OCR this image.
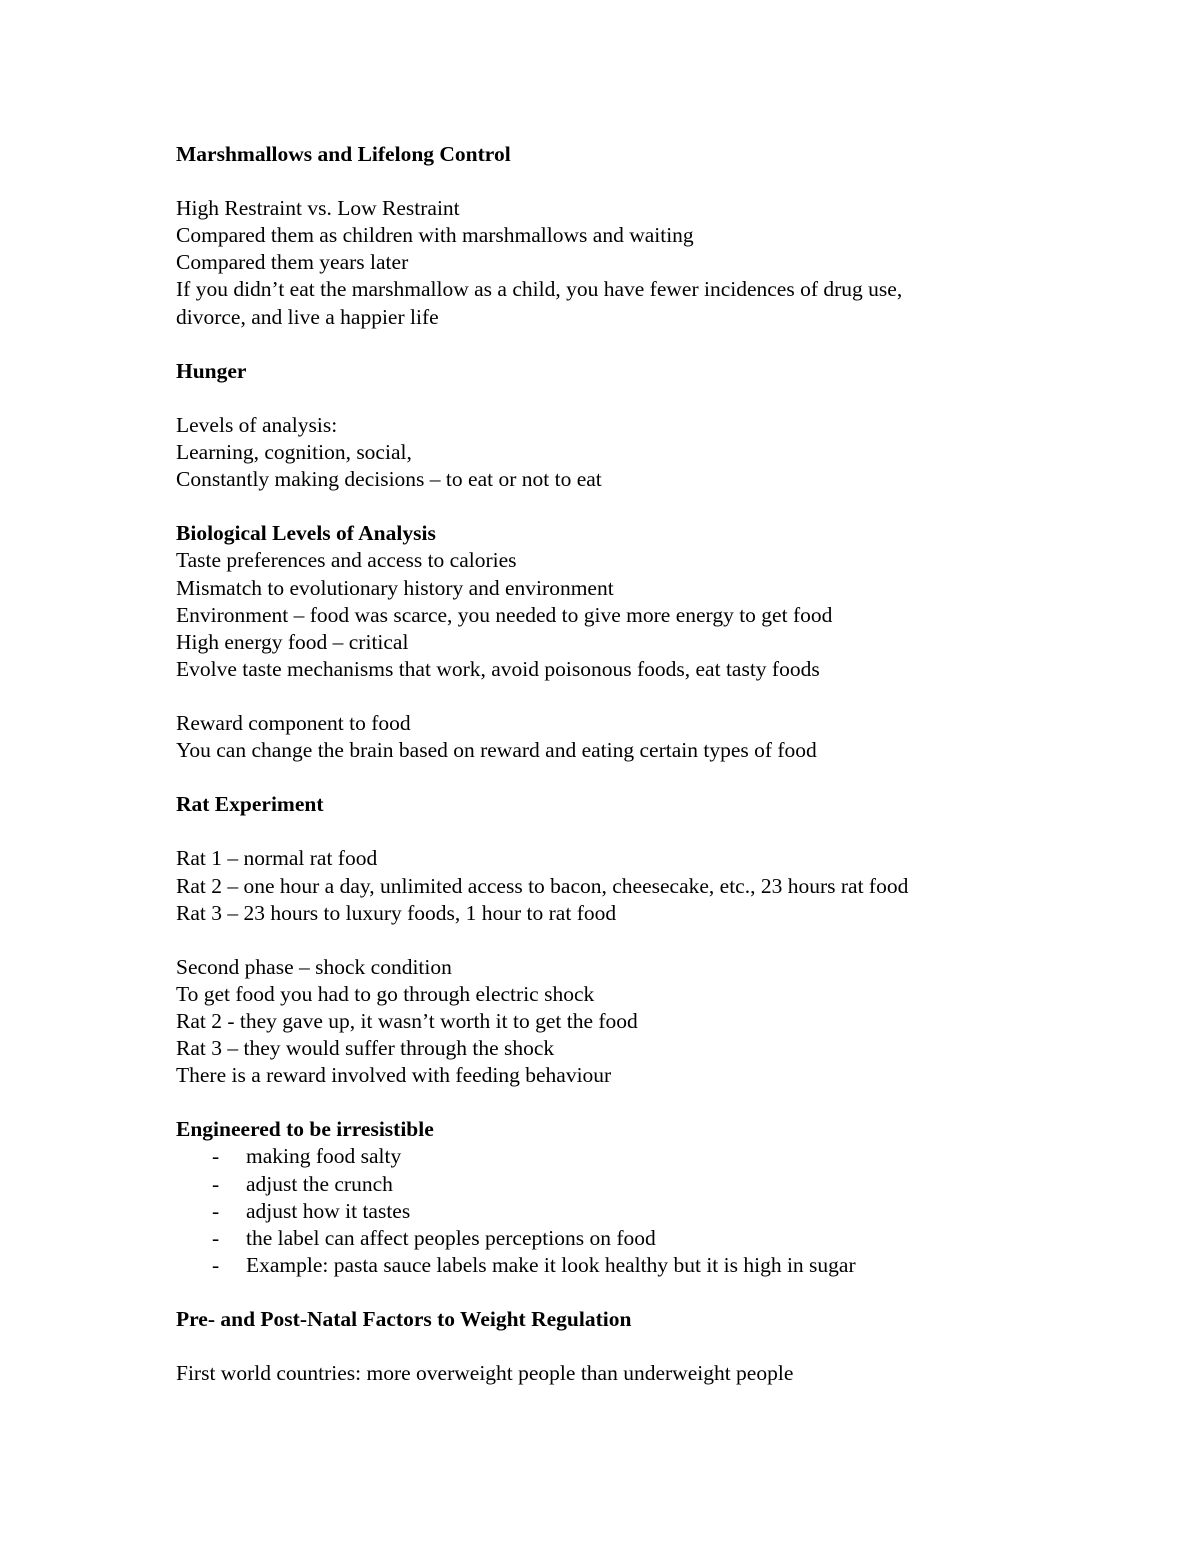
Marshmallows and Lifelong Control
High Restraint vs. Low Restraint
Compared them as children with marshmallows and waiting
Compared them years later
If you didn’t eat the marshmallow as a child, you have fewer incidences of drug use,
divorce, and live a happier life
Hunger
Levels of analysis:
Learning, cognition, social,
Constantly making decisions – to eat or not to eat
Biological Levels of Analysis
Taste preferences and access to calories
Mismatch to evolutionary history and environment
Environment – food was scarce, you needed to give more energy to get food
High energy food – critical
Evolve taste mechanisms that work, avoid poisonous foods, eat tasty foods
Reward component to food
You can change the brain based on reward and eating certain types of food
Rat Experiment
Rat 1 – normal rat food
Rat 2 – one hour a day, unlimited access to bacon, cheesecake, etc., 23 hours rat food
Rat 3 – 23 hours to luxury foods, 1 hour to rat food
Second phase – shock condition
To get food you had to go through electric shock
Rat 2 - they gave up, it wasn’t worth it to get the food
Rat 3 – they would suffer through the shock
There is a reward involved with feeding behaviour
Engineered to be irresistible
- making food salty
- adjust the crunch
- adjust how it tastes
- the label can affect peoples perceptions on food
- Example: pasta sauce labels make it look healthy but it is high in sugar
Pre- and Post-Natal Factors to Weight Regulation
First world countries: more overweight people than underweight people
